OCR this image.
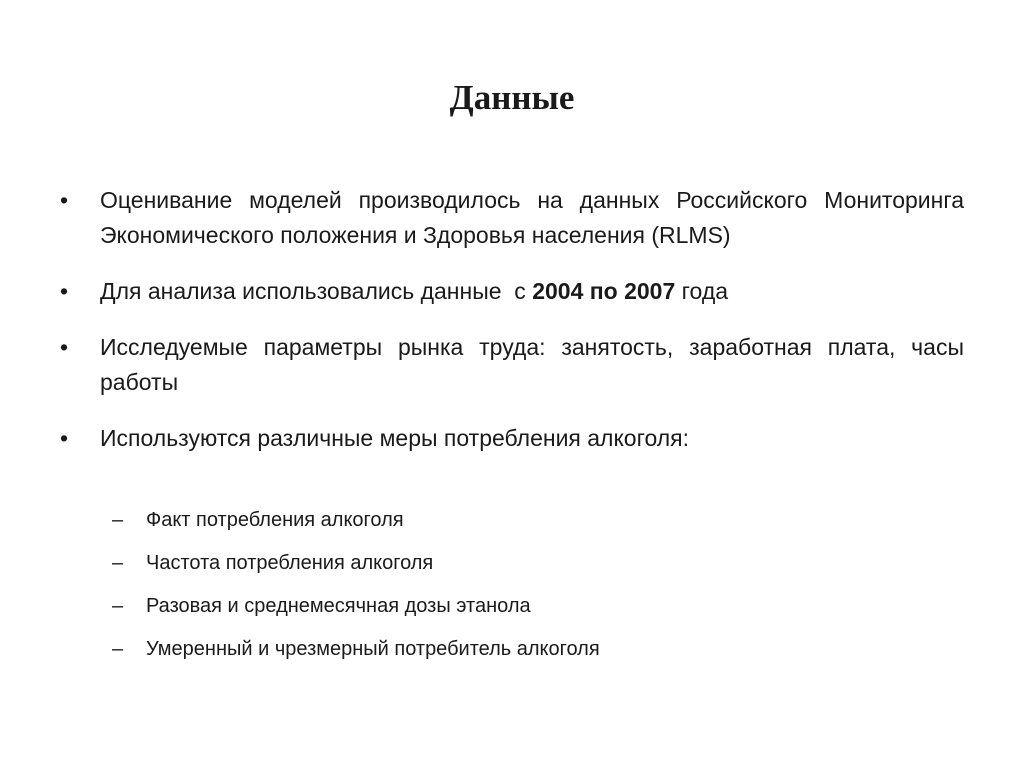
Данные
•	Оценивание моделей производилось на данных Российского Мониторинга Экономического положения и Здоровья населения (RLMS)
•	Для анализа использовались данные  с 2004 по 2007 года
•	Исследуемые параметры рынка труда: занятость, заработная плата, часы работы
•	Используются различные меры потребления алкоголя:
– Факт потребления алкоголя
– Частота потребления алкоголя
– Разовая и среднемесячная дозы этанола
– Умеренный и чрезмерный потребитель алкоголя
